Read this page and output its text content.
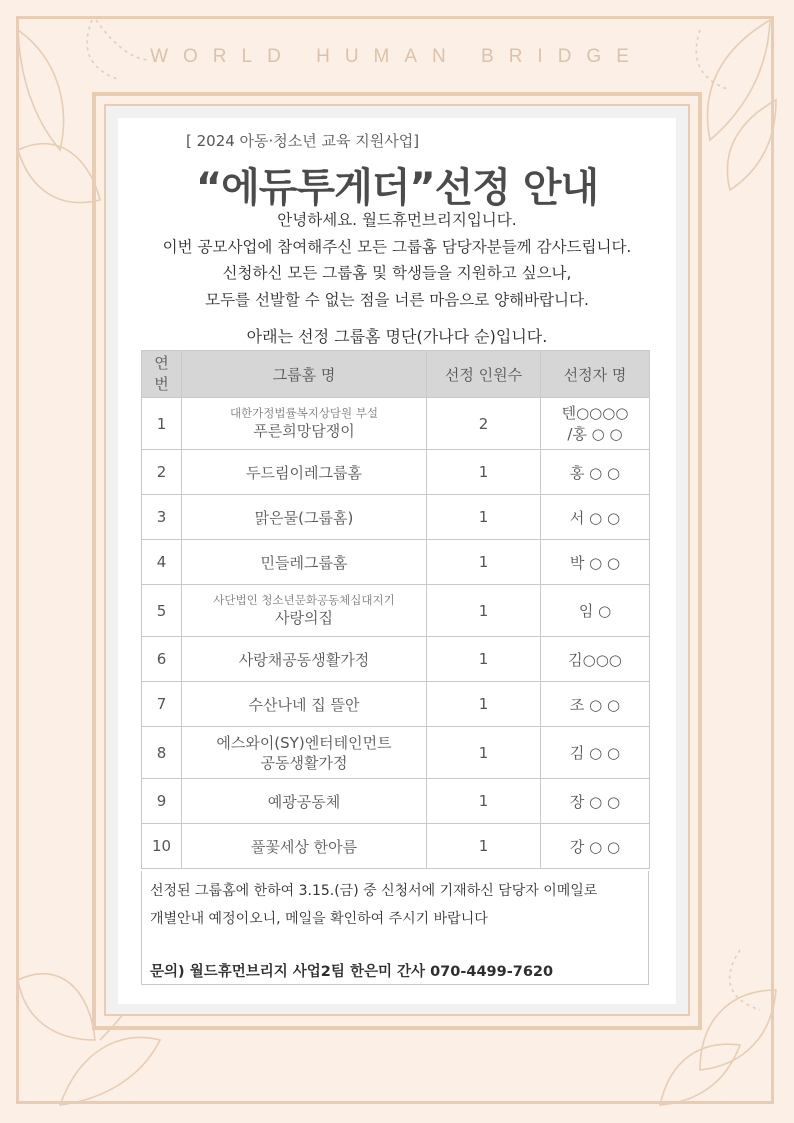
WORLD HUMAN BRIDGE
[ 2024 아동·청소년 교육 지원사업]
“에듀투게더”선정 안내
안녕하세요. 월드휴먼브리지입니다.
이번 공모사업에 참여해주신 모든 그룹홈 담당자분들께 감사드립니다.
신청하신 모든 그룹홈 및 학생들을 지원하고 싶으나,
모두를 선발할 수 없는 점을 너른 마음으로 양해바랍니다.
아래는 선정 그룹홈 명단(가나다 순)입니다.
연
번	그룹홈 명	선정 인원수	선정자 명
1	대한가정법률복지상담원 부설
푸른희망담쟁이	2	텐○○○○
/홍 ○ ○

2	두드림이레그룹홈	1	홍 ○ ○
3	맑은물(그룹홈)	1	서 ○ ○
4	민들레그룹홈	1	박 ○ ○
5	사단법인 청소년문화공동체십대지기
사랑의집	1	임 ○
6	사랑채공동생활가정	1	김○○○
7	수산나네 집 뜰안	1	조 ○ ○
8	에스와이(SY)엔터테인먼트
공동생활가정	1	김 ○ ○
9	예광공동체	1	장 ○ ○
10	풀꽃세상 한아름	1	강 ○ ○
선정된 그룹홈에 한하여 3.15.(금) 중 신청서에 기재하신 담당자 이메일로
개별안내 예정이오니, 메일을 확인하여 주시기 바랍니다
문의) 월드휴먼브리지 사업2팀 한은미 간사 070-4499-7620
